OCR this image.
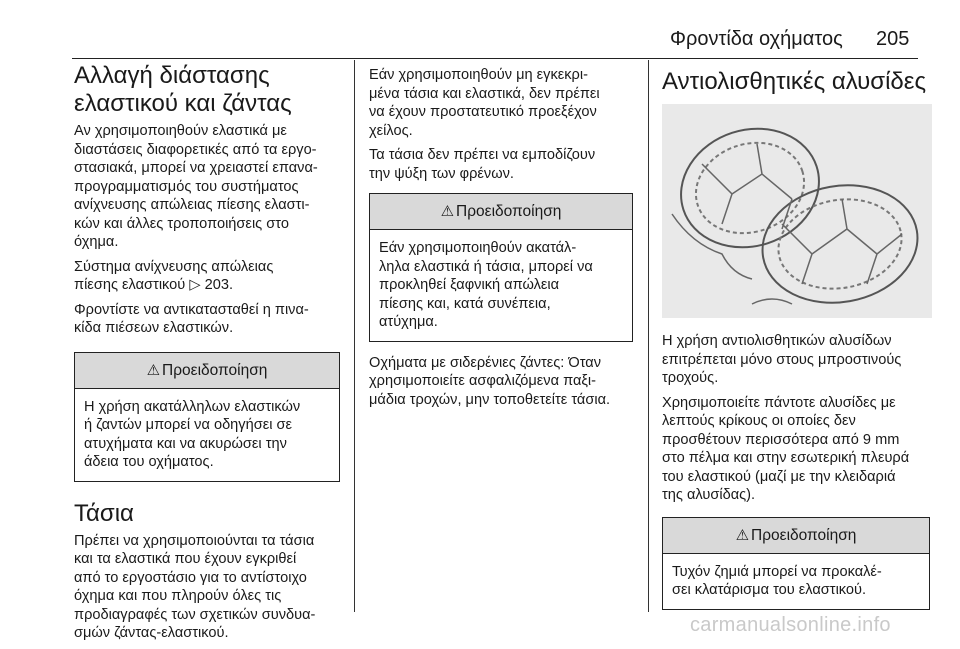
Φροντίδα οχήματος 205
Αλλαγή διάστασης
ελαστικού και ζάντας

Αν χρησιμοποιηθούν ελαστικά με
διαστάσεις διαφορετικές από τα εργο-
στασιακά, μπορεί να χρειαστεί επανα-
προγραμματισμός του συστήματος
ανίχνευσης απώλειας πίεσης ελαστι-
κών και άλλες τροποποιήσεις στο
όχημα.

Σύστημα ανίχνευσης απώλειας
πίεσης ελαστικού ▷ 203.

Φροντίστε να αντικατασταθεί η πινα-
κίδα πιέσεων ελαστικών.

⚠ Προειδοποίηση
Η χρήση ακατάλληλων ελαστικών
ή ζαντών μπορεί να οδηγήσει σε
ατυχήματα και να ακυρώσει την
άδεια του οχήματος.
Τάσια

Πρέπει να χρησιμοποιούνται τα τάσια
και τα ελαστικά που έχουν εγκριθεί
από το εργοστάσιο για το αντίστοιχο
όχημα και που πληρούν όλες τις
προδιαγραφές των σχετικών συνδυα-
σμών ζάντας-ελαστικού.

Εάν χρησιμοποιηθούν μη εγκεκρι-
μένα τάσια και ελαστικά, δεν πρέπει
να έχουν προστατευτικό προεξέχον
χείλος.

Τα τάσια δεν πρέπει να εμποδίζουν
την ψύξη των φρένων.

⚠ Προειδοποίηση
Εάν χρησιμοποιηθούν ακατάλ-
ληλα ελαστικά ή τάσια, μπορεί να
προκληθεί ξαφνική απώλεια
πίεσης και, κατά συνέπεια,
ατύχημα.

Οχήματα με σιδερένιες ζάντες: Όταν
χρησιμοποιείτε ασφαλιζόμενα παξι-
μάδια τροχών, μην τοποθετείτε τάσια.

Αντιολισθητικές αλυσίδες

Η χρήση αντιολισθητικών αλυσίδων
επιτρέπεται μόνο στους μπροστινούς
τροχούς.

Χρησιμοποιείτε πάντοτε αλυσίδες με
λεπτούς κρίκους οι οποίες δεν
προσθέτουν περισσότερα από 9 mm
στο πέλμα και στην εσωτερική πλευρά
του ελαστικού (μαζί με την κλειδαριά
της αλυσίδας).

⚠ Προειδοποίηση
Τυχόν ζημιά μπορεί να προκαλέ-
σει κλατάρισμα του ελαστικού.
carmanualsonline.info
